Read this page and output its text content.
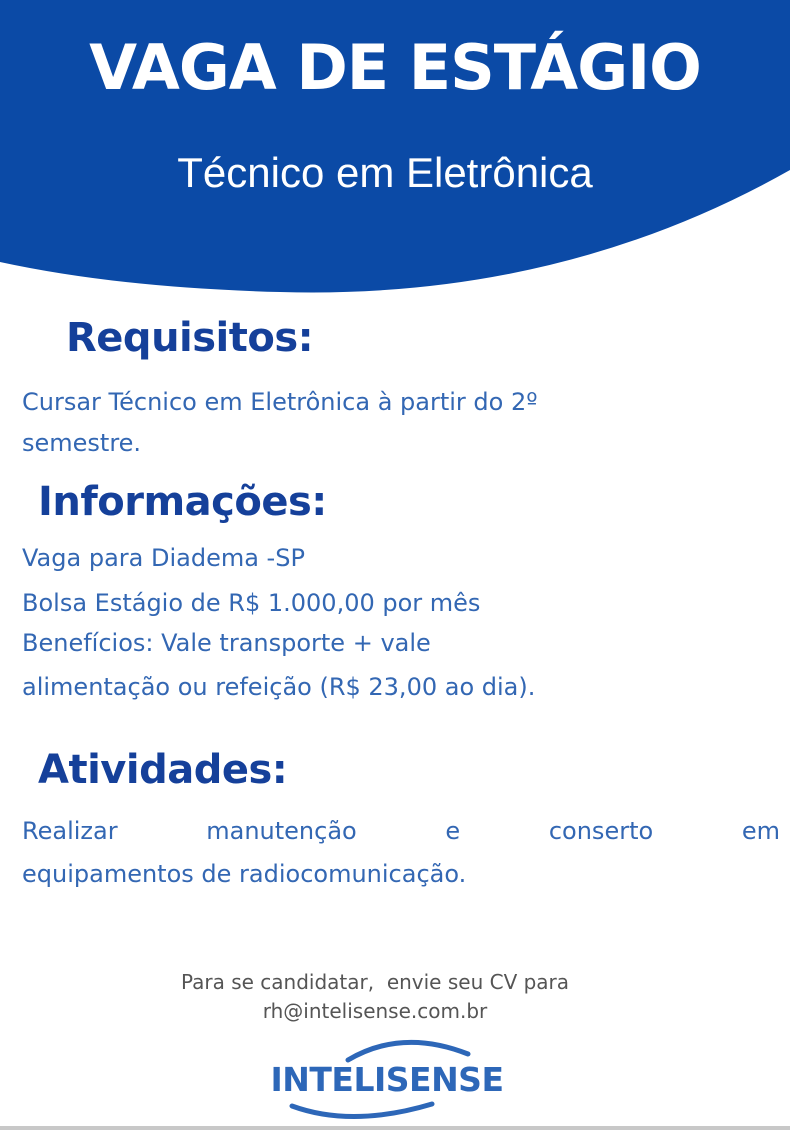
VAGA DE ESTÁGIO

Técnico em Eletrônica

Requisitos:

Cursar Técnico em Eletrônica à partir do 2º

semestre.

Informações:

Vaga para Diadema -SP

Bolsa Estágio de R$ 1.000,00 por mês

Benefícios: Vale transporte + vale

alimentação ou refeição (R$ 23,00 ao dia).

Atividades:
Realizar	manutenção	e	conserto	em

equipamentos de radiocomunicação.

Para se candidatar,  envie seu CV para
rh@intelisense.com.br
INTELISENSE
